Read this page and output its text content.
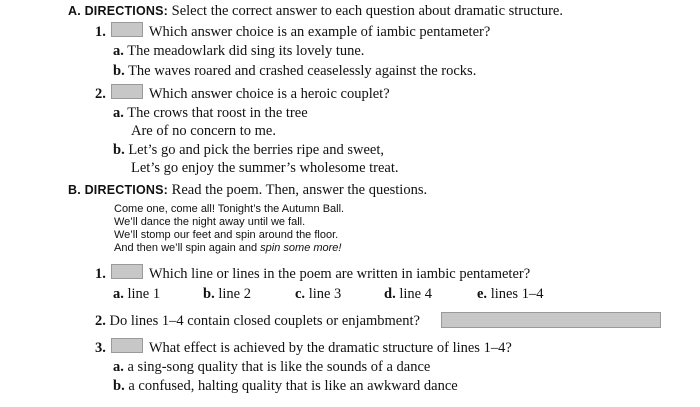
A. DIRECTIONS: Select the correct answer to each question about dramatic structure.
1.	Which answer choice is an example of iambic pentameter?
a. The meadowlark did sing its lovely tune.
b. The waves roared and crashed ceaselessly against the rocks.
2.	Which answer choice is a heroic couplet?
a. The crows that roost in the tree
Are of no concern to me.
b. Let’s go and pick the berries ripe and sweet,
Let’s go enjoy the summer’s wholesome treat.
B. DIRECTIONS: Read the poem. Then, answer the questions.
Come one, come all! Tonight’s the Autumn Ball.
We’ll dance the night away until we fall.
We’ll stomp our feet and spin around the floor.
And then we’ll spin again and spin some more!
1.	Which line or lines in the poem are written in iambic pentameter?
a. line 1	b. line 2	c. line 3	d. line 4	e. lines 1–4
2. Do lines 1–4 contain closed couplets or enjambment?
3.	What effect is achieved by the dramatic structure of lines 1–4?
a. a sing-song quality that is like the sounds of a dance
b. a confused, halting quality that is like an awkward dance
